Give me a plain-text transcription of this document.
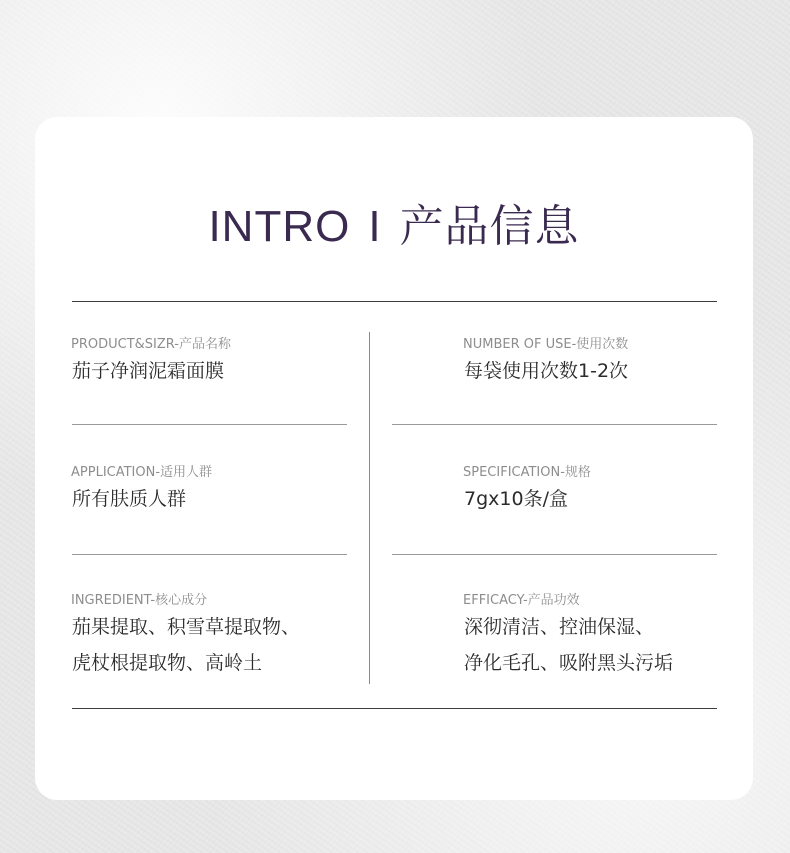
INTRO I 产品信息
PRODUCT&SIZR-产品名称
茄子净润泥霜面膜
APPLICATION-适用人群
所有肤质人群
INGREDIENT-核心成分
茄果提取、积雪草提取物、
虎杖根提取物、高岭土
NUMBER OF USE-使用次数
每袋使用次数1-2次
SPECIFICATION-规格
7gx10条/盒
EFFICACY-产品功效
深彻清洁、控油保湿、
净化毛孔、吸附黑头污垢
